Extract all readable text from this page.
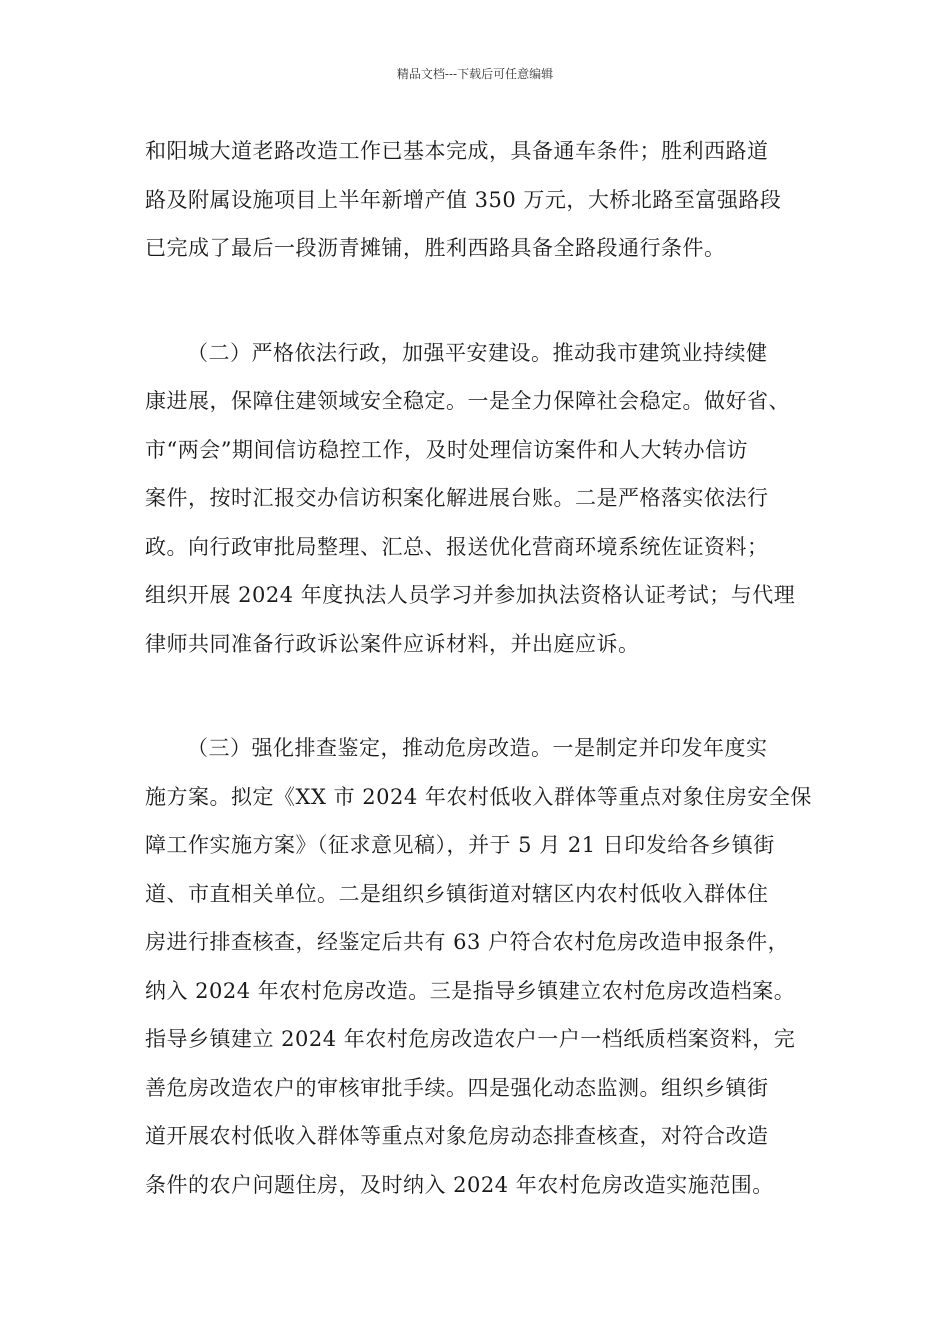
精品文档---下载后可任意编辑
和阳城大道老路改造工作已基本完成，具备通车条件；胜利西路道
路及附属设施项目上半年新增产值 350 万元，大桥北路至富强路段
已完成了最后一段沥青摊铺，胜利西路具备全路段通行条件。
（二）严格依法行政，加强平安建设。推动我市建筑业持续健
康进展，保障住建领域安全稳定。一是全力保障社会稳定。做好省、
市“两会”期间信访稳控工作，及时处理信访案件和人大转办信访
案件，按时汇报交办信访积案化解进展台账。二是严格落实依法行
政。向行政审批局整理、汇总、报送优化营商环境系统佐证资料；
组织开展 2024 年度执法人员学习并参加执法资格认证考试；与代理
律师共同准备行政诉讼案件应诉材料，并出庭应诉。
（三）强化排查鉴定，推动危房改造。一是制定并印发年度实
施方案。拟定《XX 市 2024 年农村低收入群体等重点对象住房安全保
障工作实施方案》（征求意见稿），并于 5 月 21 日印发给各乡镇街
道、市直相关单位。二是组织乡镇街道对辖区内农村低收入群体住
房进行排查核查，经鉴定后共有 63 户符合农村危房改造申报条件，
纳入 2024 年农村危房改造。三是指导乡镇建立农村危房改造档案。
指导乡镇建立 2024 年农村危房改造农户一户一档纸质档案资料，完
善危房改造农户的审核审批手续。四是强化动态监测。组织乡镇街
道开展农村低收入群体等重点对象危房动态排查核查，对符合改造
条件的农户问题住房，及时纳入 2024 年农村危房改造实施范围。
